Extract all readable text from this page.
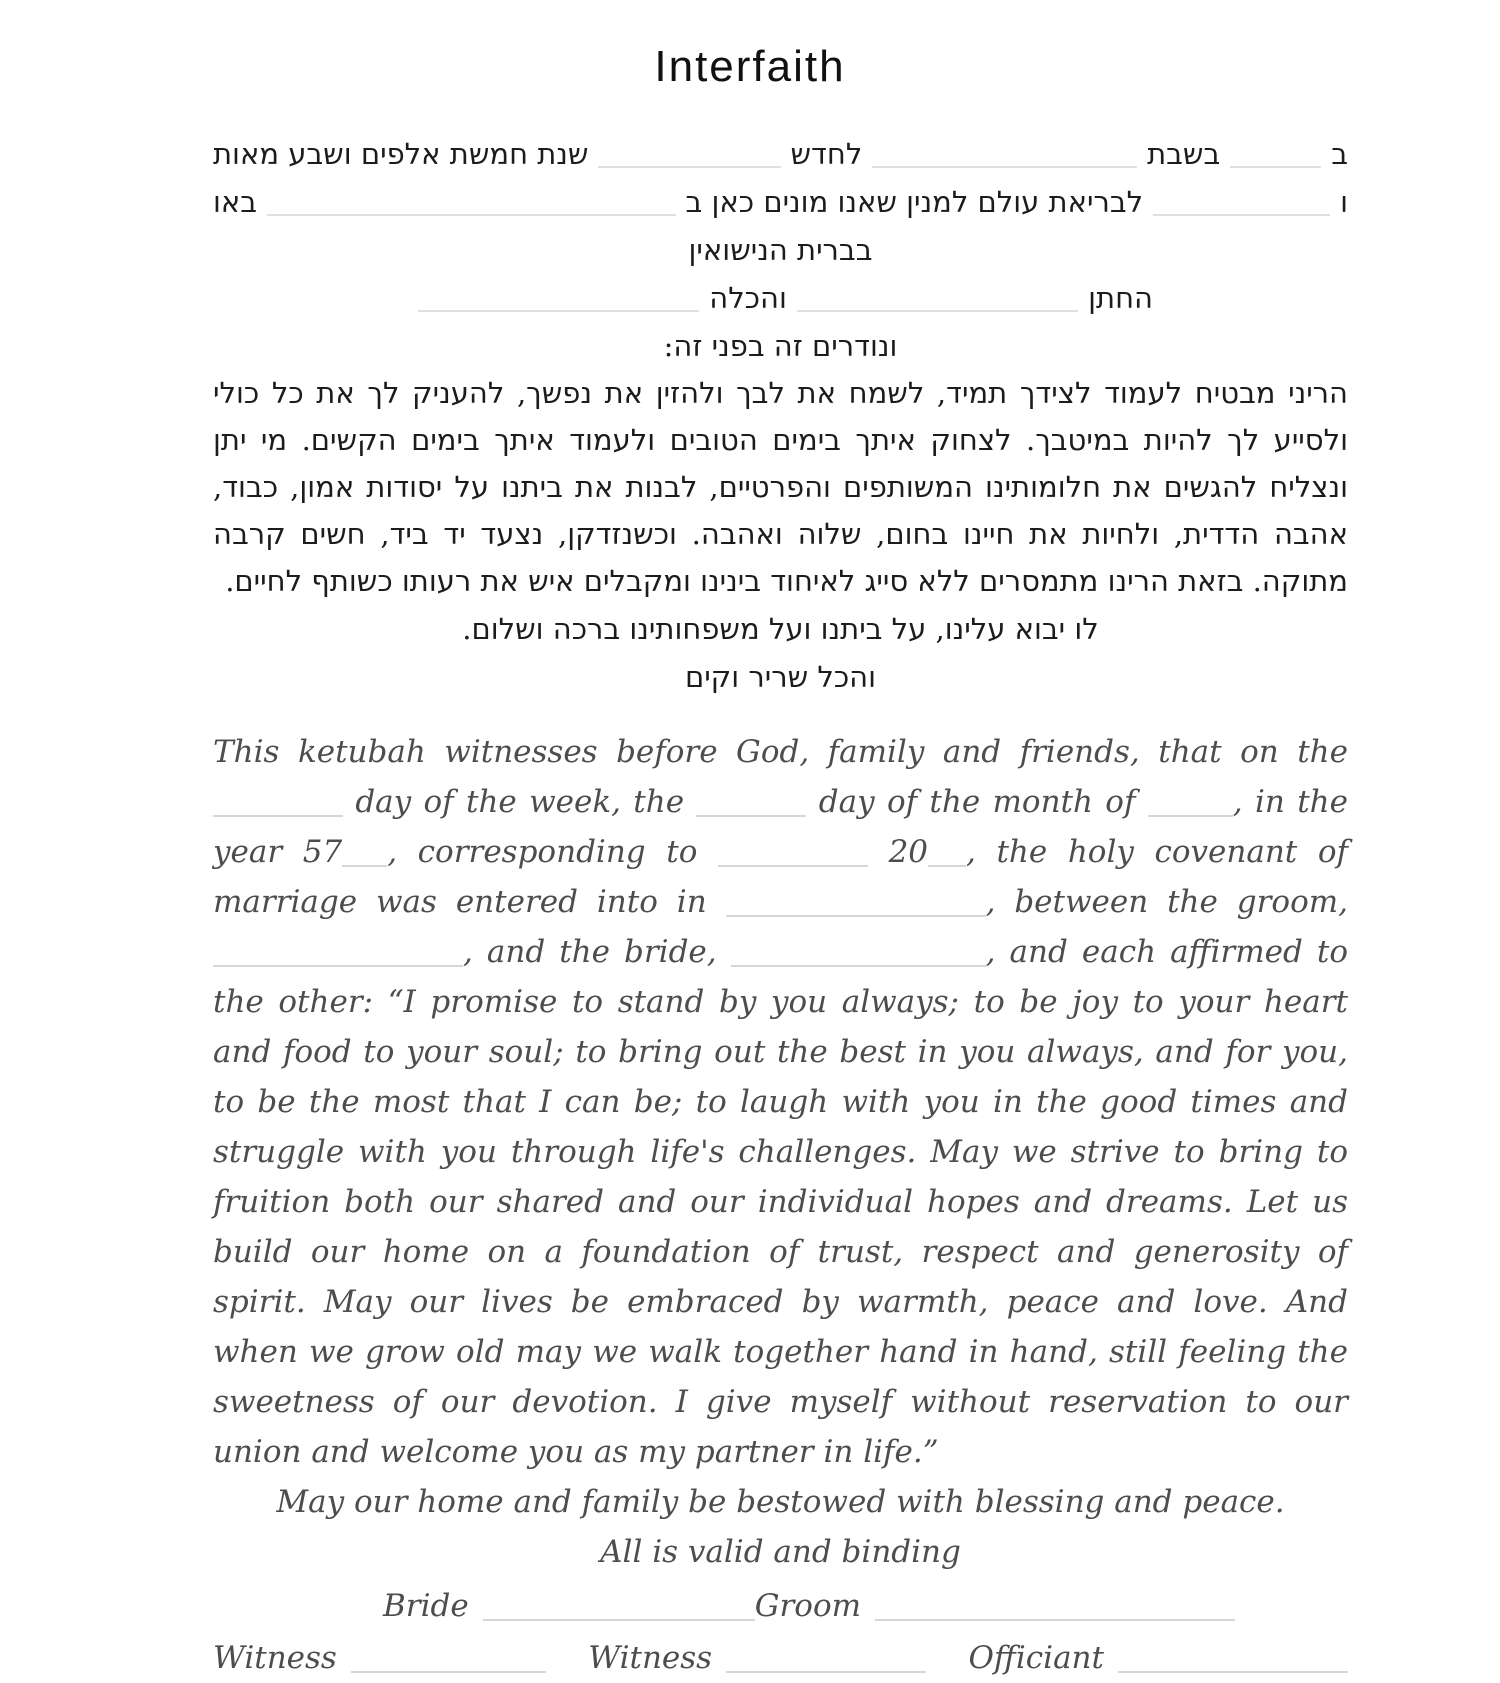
Interfaith
ב
בשבת
לחדש
שנת חמשת אלפים ושבע מאות
ו
לבריאת עולם למנין שאנו מונים כאן ב
באו
בברית הנישואין
החתן
והכלה
ונודרים זה בפני זה:

הריני מבטיח לעמוד לצידך תמיד, לשמח את לבך ולהזין את נפשך, להעניק לך את כל כולי ולסייע לך להיות במיטבך. לצחוק איתך בימים הטובים ולעמוד איתך בימים הקשים. מי יתן ונצליח להגשים את חלומותינו המשותפים והפרטיים, לבנות את ביתנו על יסודות אמון, כבוד, אהבה הדדית, ולחיות את חיינו בחום, שלוה ואהבה. וכשנזדקן, נצעד יד ביד, חשים קרבה מתוקה. בזאת הרינו מתמסרים ללא סייג לאיחוד בינינו ומקבלים איש את רעותו כשותף לחיים.

לו יבוא עלינו, על ביתנו ועל משפחותינו ברכה ושלום.
והכל שריר וקים

This ketubah witnesses before God, family and friends, that on the  day of the week, the	day of the month of	, in the year 57 , corresponding to	20 , the holy covenant of marriage was entered into in	, between the groom, , and the bride,	, and each affirmed to the other: “I promise to stand by you always; to be joy to your heart and food to your soul; to bring out the best in you always, and for you, to be the most that I can be; to laugh with you in the good times and struggle with you through life's challenges. May we strive to bring to fruition both our shared and our individual hopes and dreams. Let us build our home on a foundation of trust, respect and generosity of spirit. May our lives be embraced by warmth, peace and love. And when we grow old may we walk together hand in hand, still feeling the sweetness of our devotion. I give myself without reservation to our union and welcome you as my partner in life.”

May our home and family be bestowed with blessing and peace.
All is valid and binding
Bride	Groom
Witness	Witness	Officiant
